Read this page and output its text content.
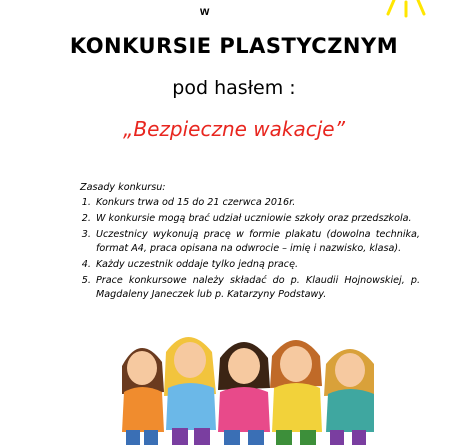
w
KONKURSIE PLASTYCZNYM
pod hasłem :
„Bezpieczne wakacje”
Zasady konkursu:
1. Konkurs trwa od 15 do 21 czerwca 2016r.
2. W konkursie mogą brać udział uczniowie szkoły oraz przedszkola.
3. Uczestnicy wykonują pracę w formie plakatu (dowolna technika, format A4, praca opisana na odwrocie – imię i nazwisko, klasa).
4. Każdy uczestnik oddaje tylko jedną pracę.
5. Prace konkursowe należy składać do p. Klaudii Hojnowskiej, p. Magdaleny Janeczek lub p. Katarzyny Podstawy.
